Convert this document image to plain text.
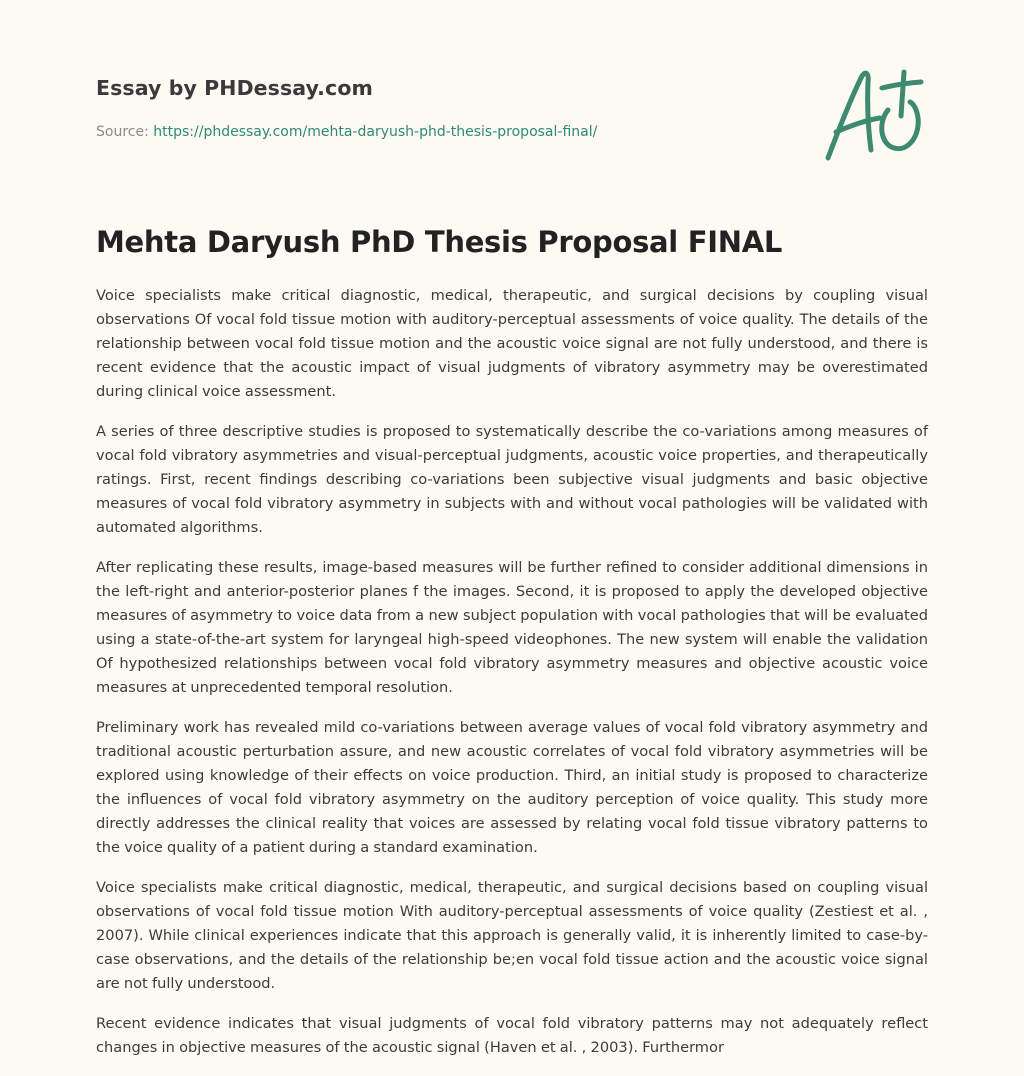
Essay by PHDessay.com
Source: https://phdessay.com/mehta-daryush-phd-thesis-proposal-final/
Mehta Daryush PhD Thesis Proposal FINAL

Voice specialists make critical diagnostic, medical, therapeutic, and surgical decisions by coupling visual observations Of vocal fold tissue motion with auditory-perceptual assessments of voice quality. The details of the relationship between vocal fold tissue motion and the acoustic voice signal are not fully understood, and there is recent evidence that the acoustic impact of visual judgments of vibratory asymmetry may be overestimated during clinical voice assessment.

A series of three descriptive studies is proposed to systematically describe the co-variations among measures of vocal fold vibratory asymmetries and visual-perceptual judgments, acoustic voice properties, and therapeutically ratings. First, recent findings describing co-variations been subjective visual judgments and basic objective measures of vocal fold vibratory asymmetry in subjects with and without vocal pathologies will be validated with automated algorithms.

After replicating these results, image-based measures will be further refined to consider additional dimensions in the left-right and anterior-posterior planes f the images. Second, it is proposed to apply the developed objective measures of asymmetry to voice data from a new subject population with vocal pathologies that will be evaluated using a state-of-the-art system for laryngeal high-speed videophones. The new system will enable the validation Of hypothesized relationships between vocal fold vibratory asymmetry measures and objective acoustic voice measures at unprecedented temporal resolution.

Preliminary work has revealed mild co-variations between average values of vocal fold vibratory asymmetry and traditional acoustic perturbation assure, and new acoustic correlates of vocal fold vibratory asymmetries will be explored using knowledge of their effects on voice production. Third, an initial study is proposed to characterize the influences of vocal fold vibratory asymmetry on the auditory perception of voice quality. This study more directly addresses the clinical reality that voices are assessed by relating vocal fold tissue vibratory patterns to the voice quality of a patient during a standard examination.

Voice specialists make critical diagnostic, medical, therapeutic, and surgical decisions based on coupling visual observations of vocal fold tissue motion With auditory-perceptual assessments of voice quality (Zestiest et al. , 2007). While clinical experiences indicate that this approach is generally valid, it is inherently limited to case-by-case observations, and the details of the relationship be;en vocal fold tissue action and the acoustic voice signal are not fully understood.

Recent evidence indicates that visual judgments of vocal fold vibratory patterns may not adequately reflect changes in objective measures of the acoustic signal (Haven et al. , 2003). Furthermor
